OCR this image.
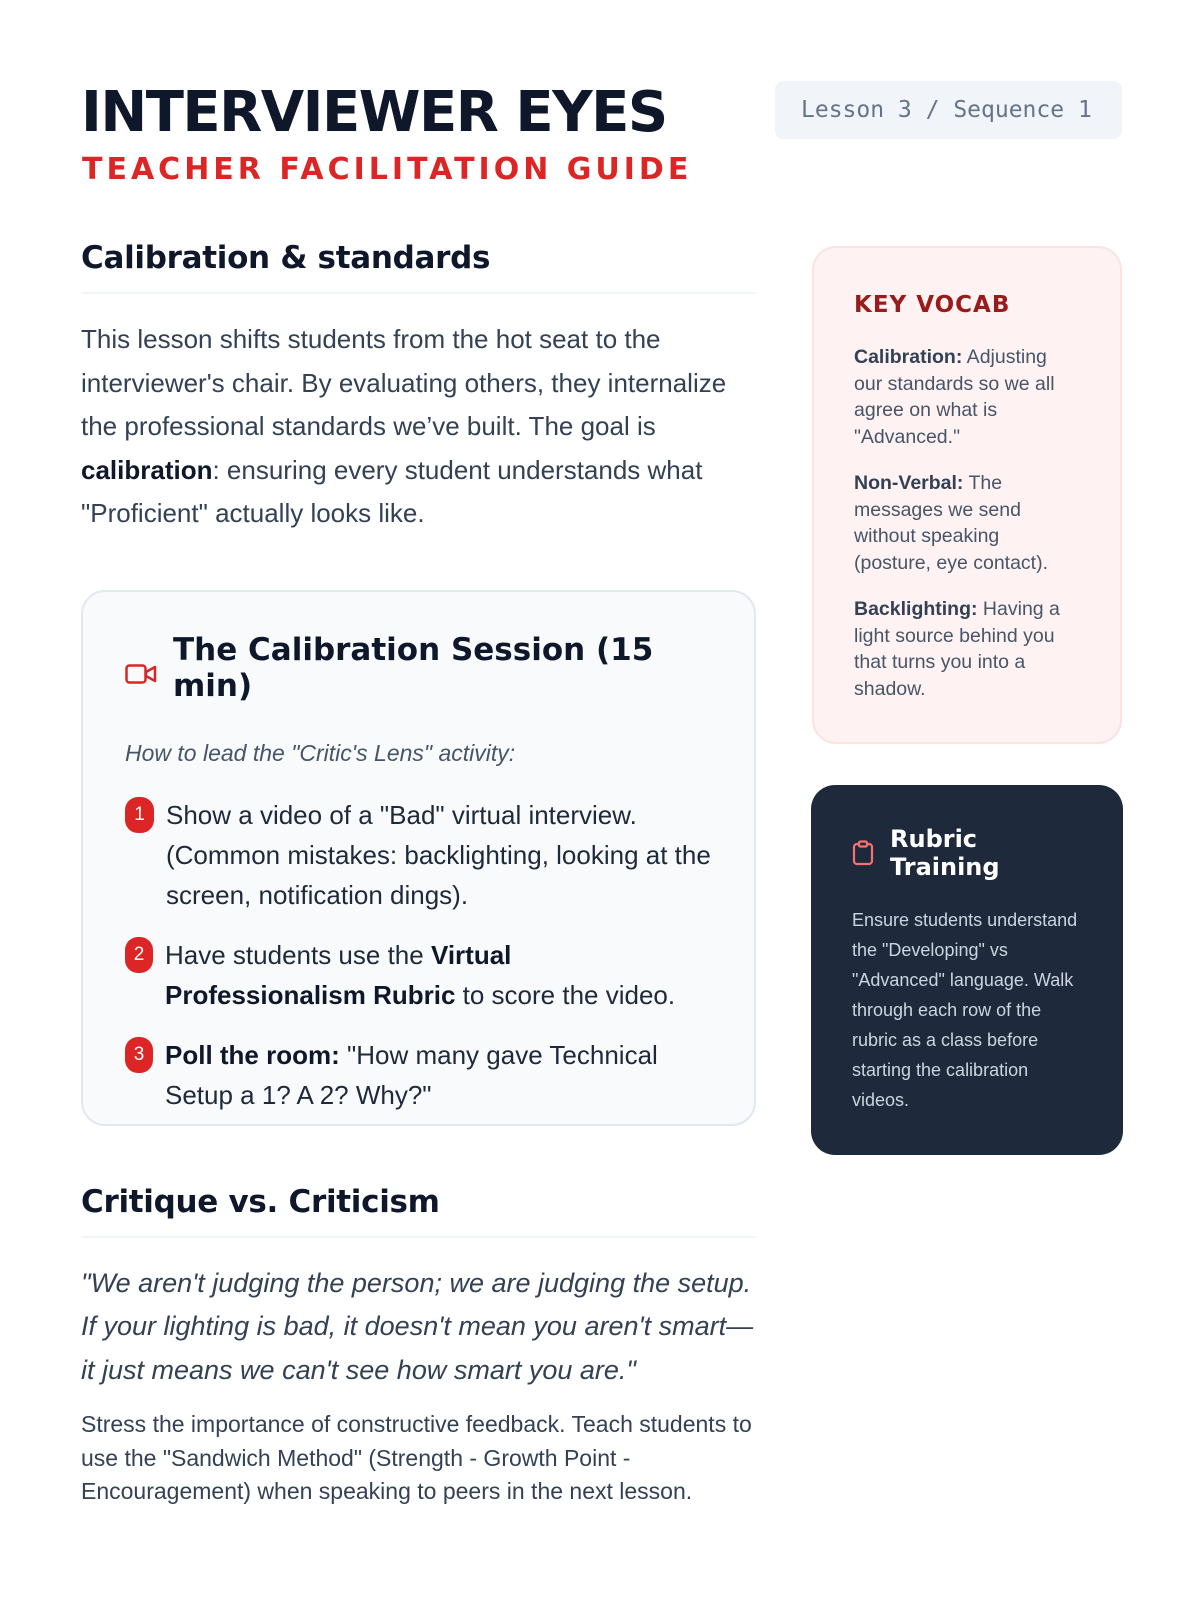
INTERVIEWER EYES
TEACHER FACILITATION GUIDE
Lesson 3 / Sequence 1
Calibration & standards

This lesson shifts students from the hot seat to the interviewer's chair. By evaluating others, they internalize the professional standards we’ve built. The goal is calibration: ensuring every student understands what "Proficient" actually looks like.

The Calibration Session (15 min)

How to lead the "Critic's Lens" activity:

1 Show a video of a "Bad" virtual interview. (Common mistakes: backlighting, looking at the screen, notification dings).
2 Have students use the Virtual Professionalism Rubric to score the video.
3 Poll the room: "How many gave Technical Setup a 1? A 2? Why?"
Critique vs. Criticism

"We aren't judging the person; we are judging the setup. If your lighting is bad, it doesn't mean you aren't smart—it just means we can't see how smart you are."

Stress the importance of constructive feedback. Teach students to use the "Sandwich Method" (Strength - Growth Point - Encouragement) when speaking to peers in the next lesson.

KEY VOCAB

Calibration: Adjusting our standards so we all agree on what is "Advanced."

Non-Verbal: The messages we send without speaking (posture, eye contact).

Backlighting: Having a light source behind you that turns you into a shadow.

Rubric Training

Ensure students understand the "Developing" vs "Advanced" language. Walk through each row of the rubric as a class before starting the calibration videos.
